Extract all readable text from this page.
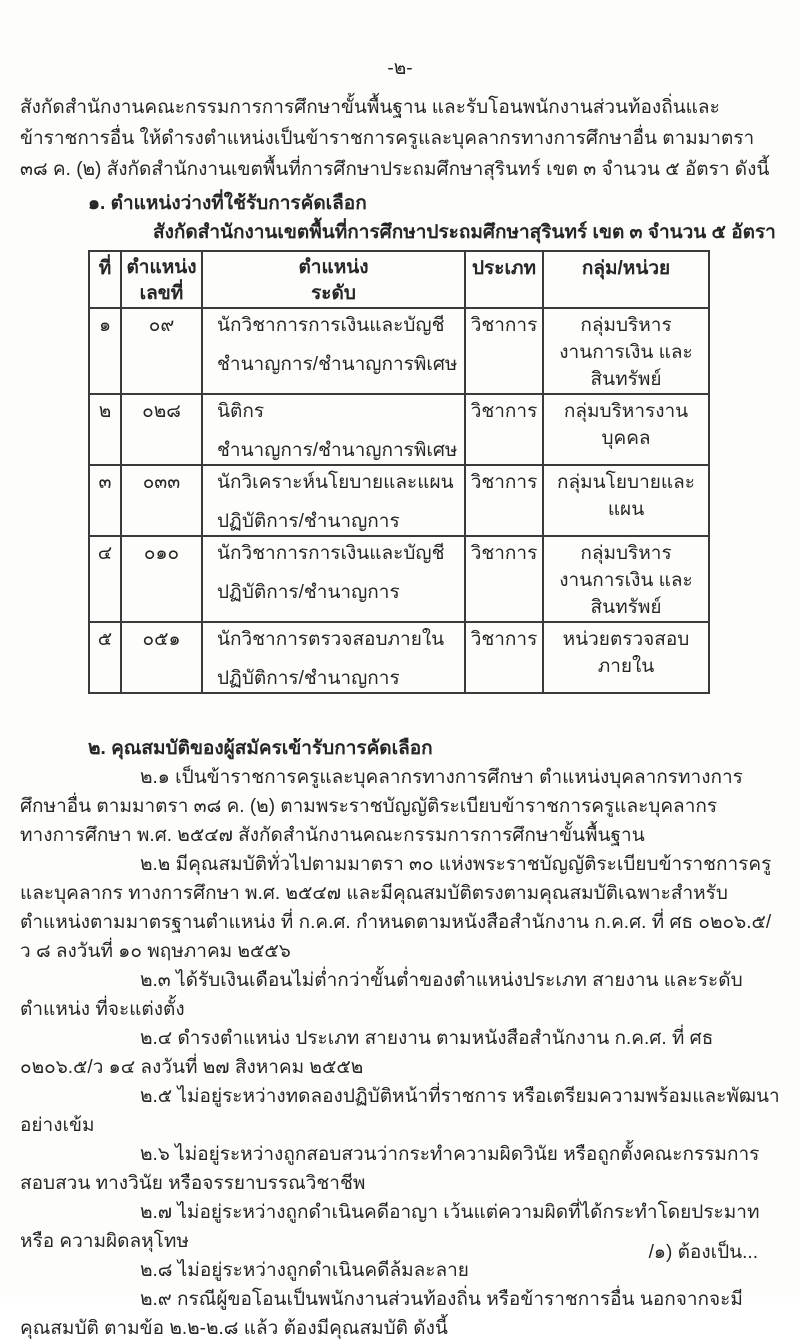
-๒-

สังกัดสำนักงานคณะกรรมการการศึกษาขั้นพื้นฐาน และรับโอนพนักงานส่วนท้องถิ่นและข้าราชการอื่น ให้ดำรงตำแหน่งเป็นข้าราชการครูและบุคลากรทางการศึกษาอื่น ตามมาตรา ๓๘ ค. (๒) สังกัดสำนักงานเขตพื้นที่การศึกษาประถมศึกษาสุรินทร์ เขต ๓ จำนวน ๕ อัตรา ดังนี้

๑. ตำแหน่งว่างที่ใช้รับการคัดเลือก
สังกัดสำนักงานเขตพื้นที่การศึกษาประถมศึกษาสุรินทร์ เขต ๓ จำนวน ๕ อัตรา
ที่	ตำแหน่ง
เลขที่

ตำแหน่ง
ระดับ
	ประเภท	กลุ่ม/หน่วย
๑	๐๙	นักวิชาการการเงินและบัญชี
ชำนาญการ/ชำนาญการพิเศษ	วิชาการ	กลุ่มบริหารงานการเงิน และสินทรัพย์
๒	๐๒๘	นิติกร
ชำนาญการ/ชำนาญการพิเศษ	วิชาการ	กลุ่มบริหารงานบุคคล
๓	๐๓๓	นักวิเคราะห์นโยบายและแผน
ปฏิบัติการ/ชำนาญการ	วิชาการ	กลุ่มนโยบายและแผน
๔	๐๑๐	นักวิชาการการเงินและบัญชี
ปฏิบัติการ/ชำนาญการ	วิชาการ	กลุ่มบริหารงานการเงิน และสินทรัพย์
๕	๐๕๑	นักวิชาการตรวจสอบภายใน
ปฏิบัติการ/ชำนาญการ	วิชาการ	หน่วยตรวจสอบภายใน
๒. คุณสมบัติของผู้สมัครเข้ารับการคัดเลือก

๒.๑ เป็นข้าราชการครูและบุคลากรทางการศึกษา ตำแหน่งบุคลากรทางการศึกษาอื่น ตามมาตรา ๓๘ ค. (๒) ตามพระราชบัญญัติระเบียบข้าราชการครูและบุคลากรทางการศึกษา พ.ศ. ๒๕๔๗ สังกัดสำนักงานคณะกรรมการการศึกษาขั้นพื้นฐาน

๒.๒ มีคุณสมบัติทั่วไปตามมาตรา ๓๐ แห่งพระราชบัญญัติระเบียบข้าราชการครูและบุคลากร ทางการศึกษา พ.ศ. ๒๕๔๗ และมีคุณสมบัติตรงตามคุณสมบัติเฉพาะสำหรับตำแหน่งตามมาตรฐานตำแหน่ง ที่ ก.ค.ศ. กำหนดตามหนังสือสำนักงาน ก.ค.ศ. ที่ ศธ ๐๒๐๖.๕/ว ๘ ลงวันที่ ๑๐ พฤษภาคม ๒๕๕๖

๒.๓ ได้รับเงินเดือนไม่ต่ำกว่าขั้นต่ำของตำแหน่งประเภท สายงาน และระดับตำแหน่ง ที่จะแต่งตั้ง

๒.๔ ดำรงตำแหน่ง ประเภท สายงาน ตามหนังสือสำนักงาน ก.ค.ศ. ที่ ศธ ๐๒๐๖.๕/ว ๑๔ ลงวันที่ ๒๗ สิงหาคม ๒๕๕๒

๒.๕ ไม่อยู่ระหว่างทดลองปฏิบัติหน้าที่ราชการ หรือเตรียมความพร้อมและพัฒนาอย่างเข้ม

๒.๖ ไม่อยู่ระหว่างถูกสอบสวนว่ากระทำความผิดวินัย หรือถูกตั้งคณะกรรมการสอบสวน ทางวินัย หรือจรรยาบรรณวิชาชีพ

๒.๗ ไม่อยู่ระหว่างถูกดำเนินคดีอาญา เว้นแต่ความผิดที่ได้กระทำโดยประมาทหรือ ความผิดลหุโทษ

๒.๘ ไม่อยู่ระหว่างถูกดำเนินคดีล้มละลาย

๒.๙ กรณีผู้ขอโอนเป็นพนักงานส่วนท้องถิ่น หรือข้าราชการอื่น นอกจากจะมีคุณสมบัติ ตามข้อ ๒.๒-๒.๘ แล้ว ต้องมีคุณสมบัติ ดังนี้

/๑) ต้องเป็น...
